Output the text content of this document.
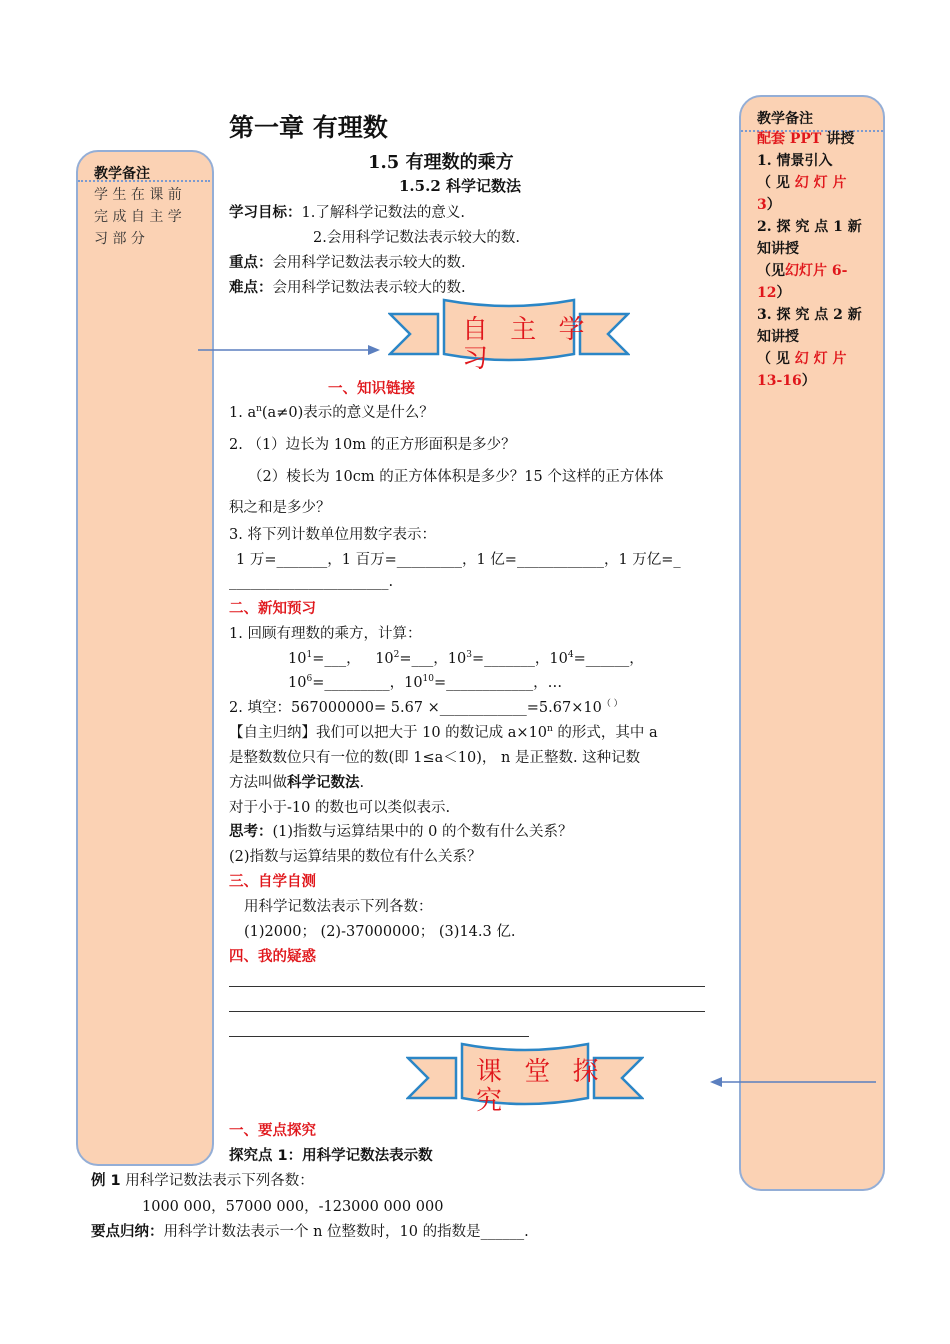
教学备注
学 生 在 课 前
完 成 自 主 学
习 部 分
教学备注
配套 PPT 讲授
1. 情景引入
（ 见 幻 灯 片
3）
2. 探 究 点 1 新
知讲授
（见幻灯片 6-
12）
3. 探 究 点 2 新
知讲授
（ 见 幻 灯 片
13-16）
第一章 有理数
1.5 有理数的乘方
1.5.2 科学记数法
学习目标：1.了解科学记数法的意义.
2.会用科学记数法表示较大的数.
重点：会用科学记数法表示较大的数.
难点：会用科学记数法表示较大的数.
自 主 学
习
一、知识链接
1. $a^n(a\ne 0)$表示的意义是什么？
2. （1）边长为 10m 的正方形面积是多少？
（2）棱长为 10cm 的正方体体积是多少？15 个这样的正方体体
积之和是多少？
3. 将下列计数单位用数字表示：
1 万=_______，1 百万=_________，1 亿=____________，1 万亿=_
______________________.
二、新知预习
1. 回顾有理数的乘方，计算：
$10^1=\_\_\_$， $10^2=\_\_\_$，$10^3=\_\_\_\_\_\_\_$，$10^4=\_\_\_\_\_\_$，
$10^6=\_\_\_\_\_\_\_\_\_$，$10^{10}=\_\_\_\_\_\_\_\_\_\_\_\_$，…
2. 填空：567000000= 5.67 ×____________=5.67×10（ ）
【自主归纳】我们可以把大于 10 的数记成 $a\times 10^n$ 的形式，其中 a
是整数数位只有一位的数(即 1≤a＜10)， n 是正整数. 这种记数
方法叫做科学记数法.
对于小于-10 的数也可以类似表示.
思考：(1)指数与运算结果中的 0 的个数有什么关系？
(2)指数与运算结果的数位有什么关系？
三、自学自测
用科学记数法表示下列各数：
(1)2000； (2)-37000000； (3)14.3 亿.
四、我的疑惑
课 堂 探
究
一、要点探究
探究点 1：用科学记数法表示数
例 1 用科学记数法表示下列各数：
1000 000，57000 000，-123000 000 000
要点归纳：用科学计数法表示一个 n 位整数时，10 的指数是______.
